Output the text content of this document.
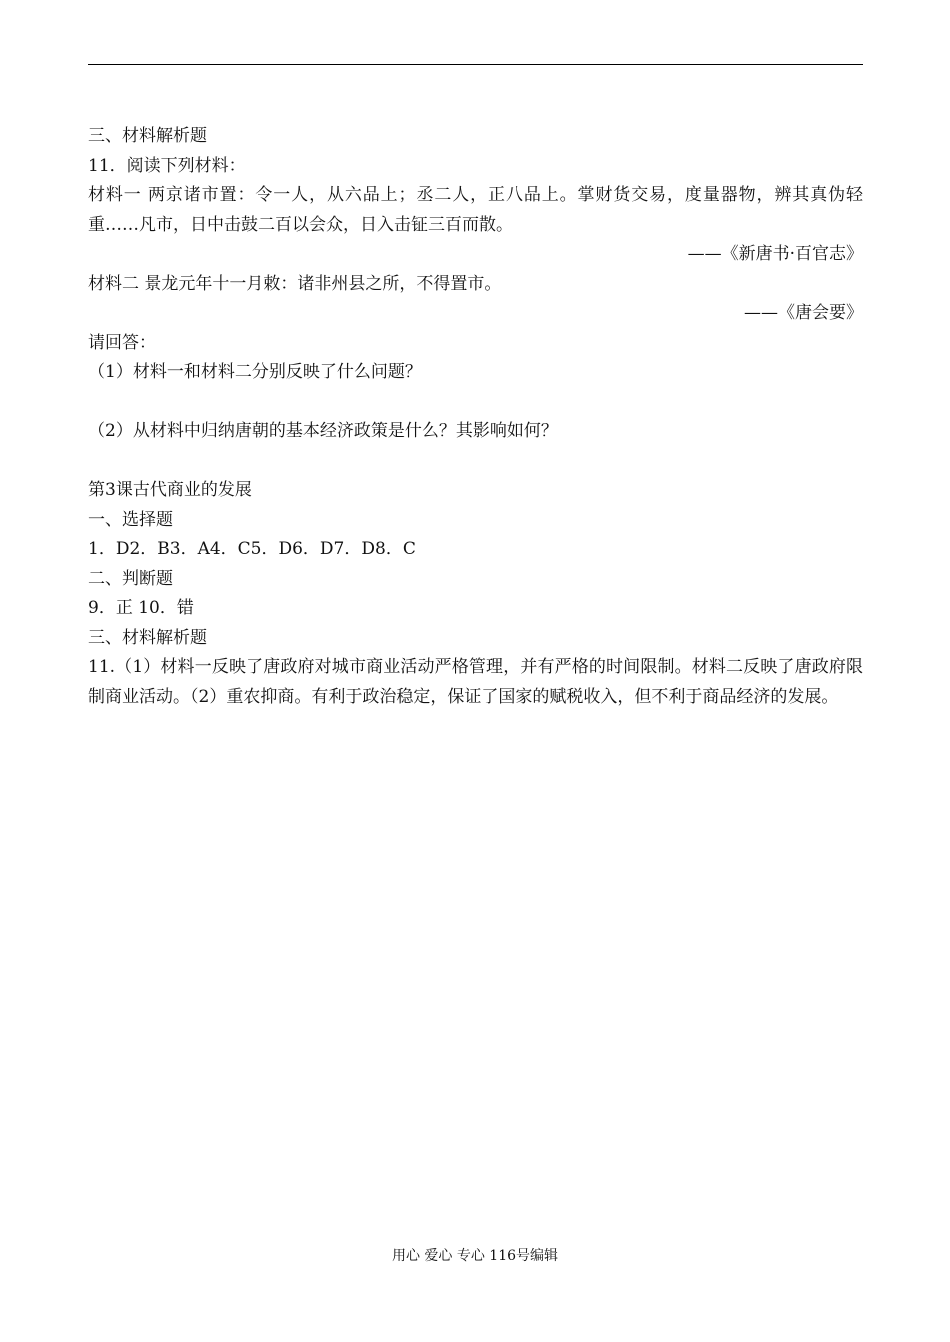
三、材料解析题
11．阅读下列材料：
材料一 两京诸市置：令一人，从六品上；丞二人，正八品上。掌财货交易，度量器物，辨其真伪轻重……凡市，日中击鼓二百以会众，日入击钲三百而散。
——《新唐书·百官志》
材料二 景龙元年十一月敕：诸非州县之所，不得置市。
——《唐会要》
请回答：
（1）材料一和材料二分别反映了什么问题？
（2）从材料中归纳唐朝的基本经济政策是什么？其影响如何？
第3课古代商业的发展
一、选择题
1．D2．B3．A4．C5．D6．D7．D8．C
二、判断题
9．正 10．错
三、材料解析题
11.（1）材料一反映了唐政府对城市商业活动严格管理，并有严格的时间限制。材料二反映了唐政府限制商业活动。（2）重农抑商。有利于政治稳定，保证了国家的赋税收入，但不利于商品经济的发展。
用心 爱心 专心 116号编辑
